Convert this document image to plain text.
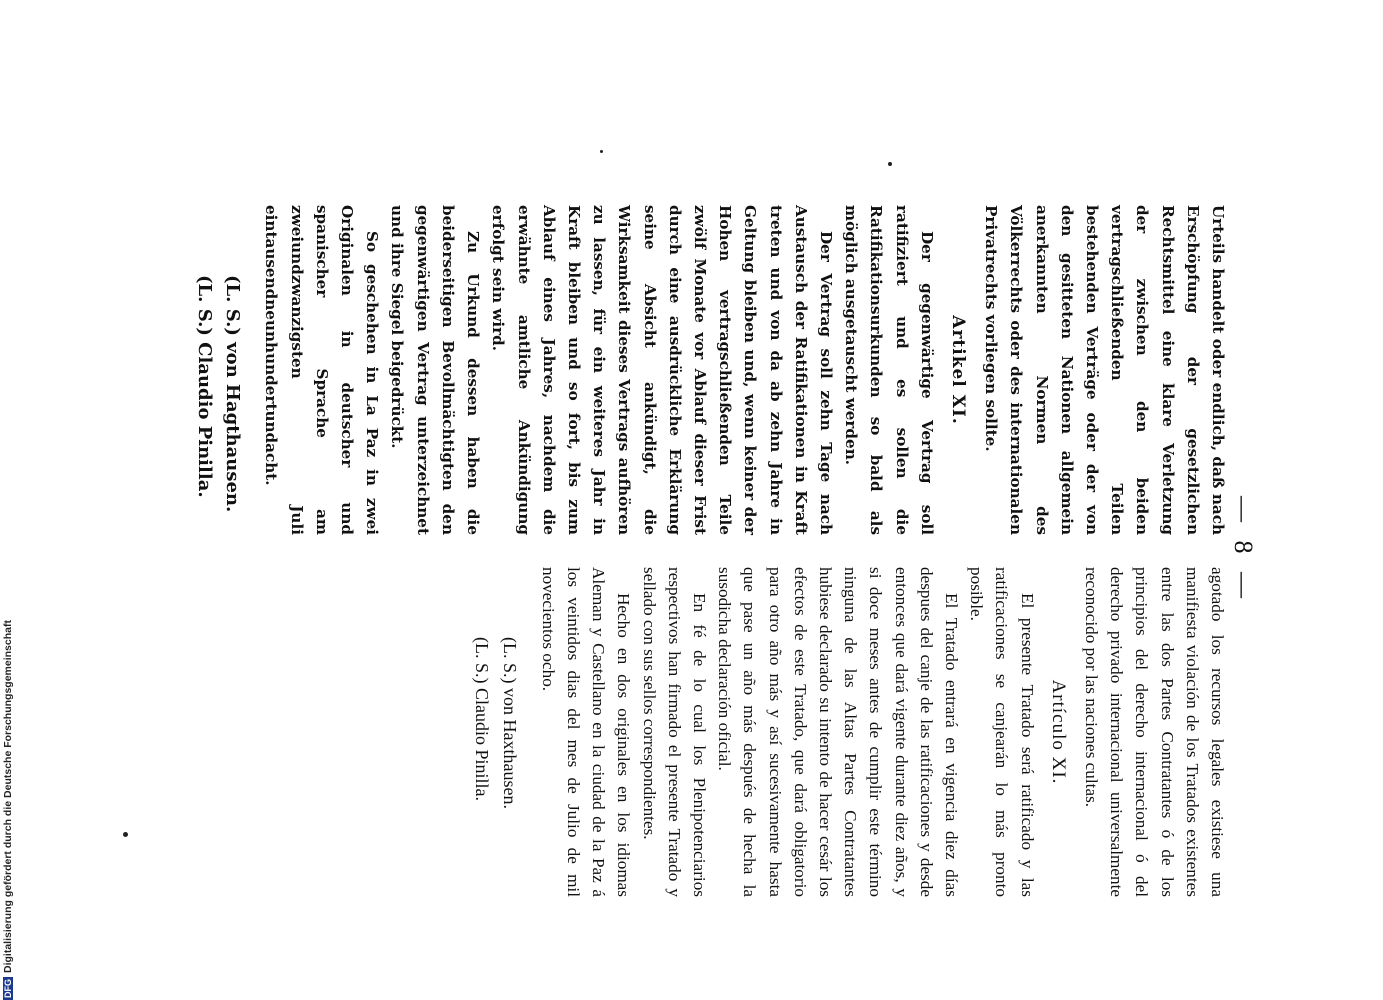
— 8 —

Urteils handelt oder endlich, daß nach Erschöpfung der gesetzlichen Rechtsmittel eine klare Verletzung der zwischen den beiden vertragschließenden Teilen bestehenden Verträge oder der von den gesitteten Nationen allgemein anerkannten Normen des Völkerrechts oder des internationalen Privatrechts vorliegen sollte.

Artikel XI.

Der gegenwärtige Vertrag soll ratifiziert und es sollen die Ratifikationsurkunden so bald als möglich ausgetauscht werden.

Der Vertrag soll zehn Tage nach Austausch der Ratifikationen in Kraft treten und von da ab zehn Jahre in Geltung bleiben und, wenn keiner der Hohen vertragschließenden Teile zwölf Monate vor Ablauf dieser Frist durch eine ausdrückliche Erklärung seine Absicht ankündigt, die Wirksamkeit dieses Vertrags aufhören zu lassen, für ein weiteres Jahr in Kraft bleiben und so fort, bis zum Ablauf eines Jahres, nachdem die erwähnte amtliche Ankündigung erfolgt sein wird.

Zu Urkund dessen haben die beiderseitigen Bevollmächtigten den gegenwärtigen Vertrag unterzeichnet und ihre Siegel beigedrückt.

So geschehen in La Paz in zwei Originalen in deutscher und spanischer Sprache am zweiundzwanzigsten Juli eintausendneunhundertundacht.

(L. S.) von Hagthausen.
(L. S.) Claudio Pinilla.

agotado los recursos legales existiese una manifiesta violación de los Tratados existentes entre las dos Partes Contratantes ó de los principios del derecho internacional ó del derecho privado internacional universalmente reconocido por las naciones cultas.

Artículo XI.

El presente Tratado será ratificado y las ratificaciones se canjearán lo más pronto posible.

El Tratado entrará en vigencia diez días despues del canje de las ratificaciones y desde entonces que dará vigente durante diez años, y si doce meses antes de cumplir este término ninguna de las Altas Partes Contratantes hubiese declarado su intento de hacer cesár los efectos de este Tratado, que dará obligatorio para otro año más y así sucesivamente hasta que pase un año más después de hecha la susodicha declaración oficial.

En fé de lo cual los Plenipotenciarios respectivos han firmado el presente Tratado y sellado con sus sellos correspondientes.

Hecho en dos originales en los idiomas Aleman y Castellano en la ciudad de la Paz á los veintidos dias del mes de Julio de mil novecientos ocho.

(L. S.) von Haxthausen.
(L. S.) Claudio Pinilla.
DFGDigitalisierung gefördert durch die Deutsche Forschungsgemeinschaft
